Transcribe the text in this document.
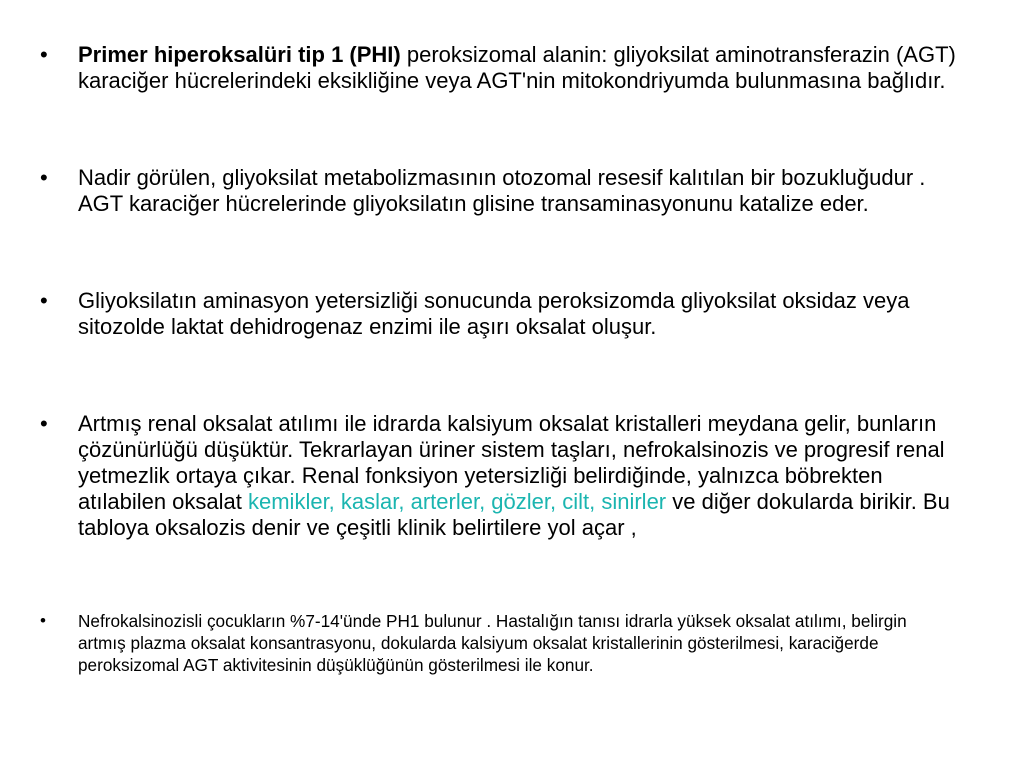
• Primer hiperoksalüri tip 1 (PHI) peroksizomal alanin: gliyoksilat aminotransferazin (AGT) karaciğer hücrelerindeki eksikliğine veya AGT'nin mitokondriyumda bulunmasına bağlıdır.
• Nadir görülen, gliyoksilat metabolizmasının otozomal resesif kalıtılan bir bozukluğudur . AGT karaciğer hücrelerinde gliyoksilatın glisine transaminasyonunu katalize eder.
• Gliyoksilatın aminasyon yetersizliği sonucunda peroksizomda gliyoksilat oksidaz veya sitozolde laktat dehidrogenaz enzimi ile aşırı oksalat oluşur.
• Artmış renal oksalat atılımı ile idrarda kalsiyum oksalat kristalleri meydana gelir, bunların çözünürlüğü düşüktür. Tekrarlayan üriner sistem taşları, nefrokalsinozis ve progresif renal yetmezlik ortaya çıkar. Renal fonksiyon yetersizliği belirdiğinde, yalnızca böbrekten atılabilen oksalat kemikler, kaslar, arterler, gözler, cilt, sinirler ve diğer dokularda birikir. Bu tabloya oksalozis denir ve çeşitli klinik belirtilere yol açar ,
• Nefrokalsinozisli çocukların %7-14'ünde PH1 bulunur . Hastalığın tanısı idrarla yüksek oksalat atılımı, belirgin artmış plazma oksalat konsantrasyonu, dokularda kalsiyum oksalat kristallerinin gösterilmesi, karaciğerde peroksizomal AGT aktivitesinin düşüklüğünün gösterilmesi ile konur.
